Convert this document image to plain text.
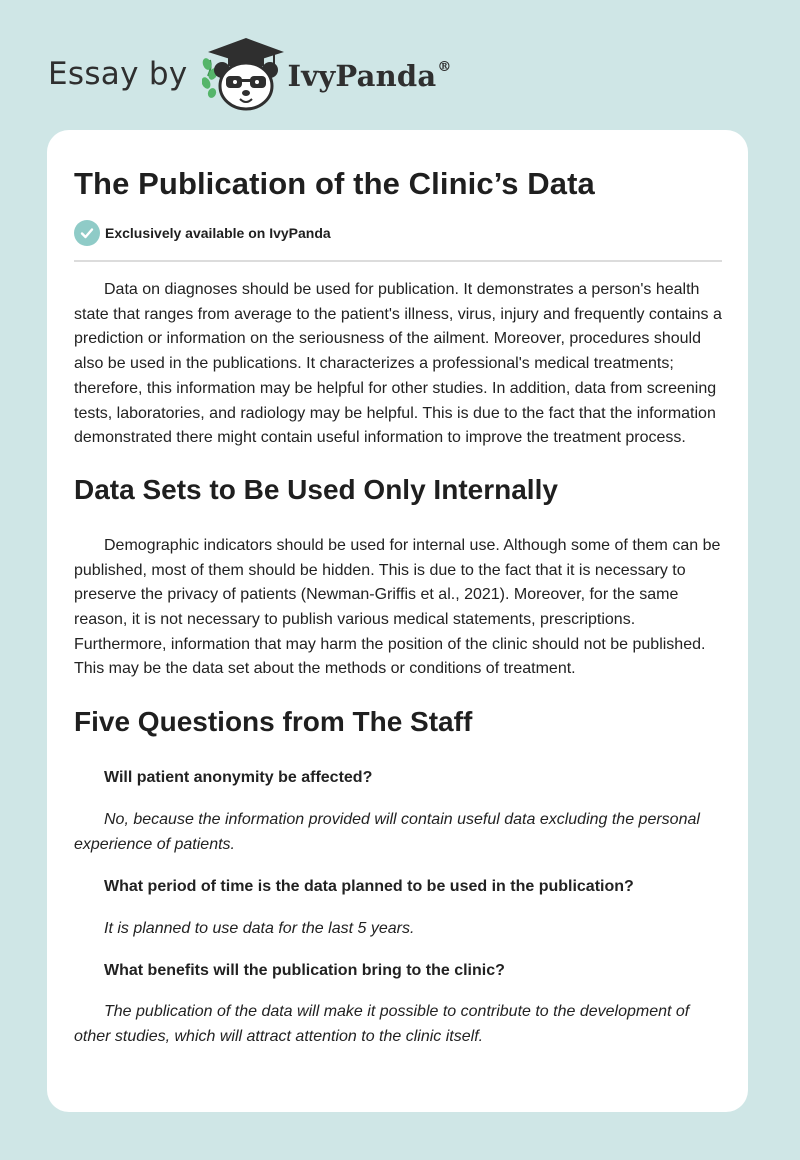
Essay by	IvyPanda®
The Publication of the Clinic’s Data
Exclusively available on IvyPanda

Data on diagnoses should be used for publication. It demonstrates a person's health state that ranges from average to the patient's illness, virus, injury and frequently contains a prediction or information on the seriousness of the ailment. Moreover, procedures should also be used in the publications. It characterizes a professional's medical treatments; therefore, this information may be helpful for other studies. In addition, data from screening tests, laboratories, and radiology may be helpful. This is due to the fact that the information demonstrated there might contain useful information to improve the treatment process.

Data Sets to Be Used Only Internally

Demographic indicators should be used for internal use. Although some of them can be published, most of them should be hidden. This is due to the fact that it is necessary to preserve the privacy of patients (Newman-Griffis et al., 2021). Moreover, for the same reason, it is not necessary to publish various medical statements, prescriptions. Furthermore, information that may harm the position of the clinic should not be published. This may be the data set about the methods or conditions of treatment.

Five Questions from The Staff

Will patient anonymity be affected?

No, because the information provided will contain useful data excluding the personal experience of patients.

What period of time is the data planned to be used in the publication?

It is planned to use data for the last 5 years.

What benefits will the publication bring to the clinic?

The publication of the data will make it possible to contribute to the development of other studies, which will attract attention to the clinic itself.
